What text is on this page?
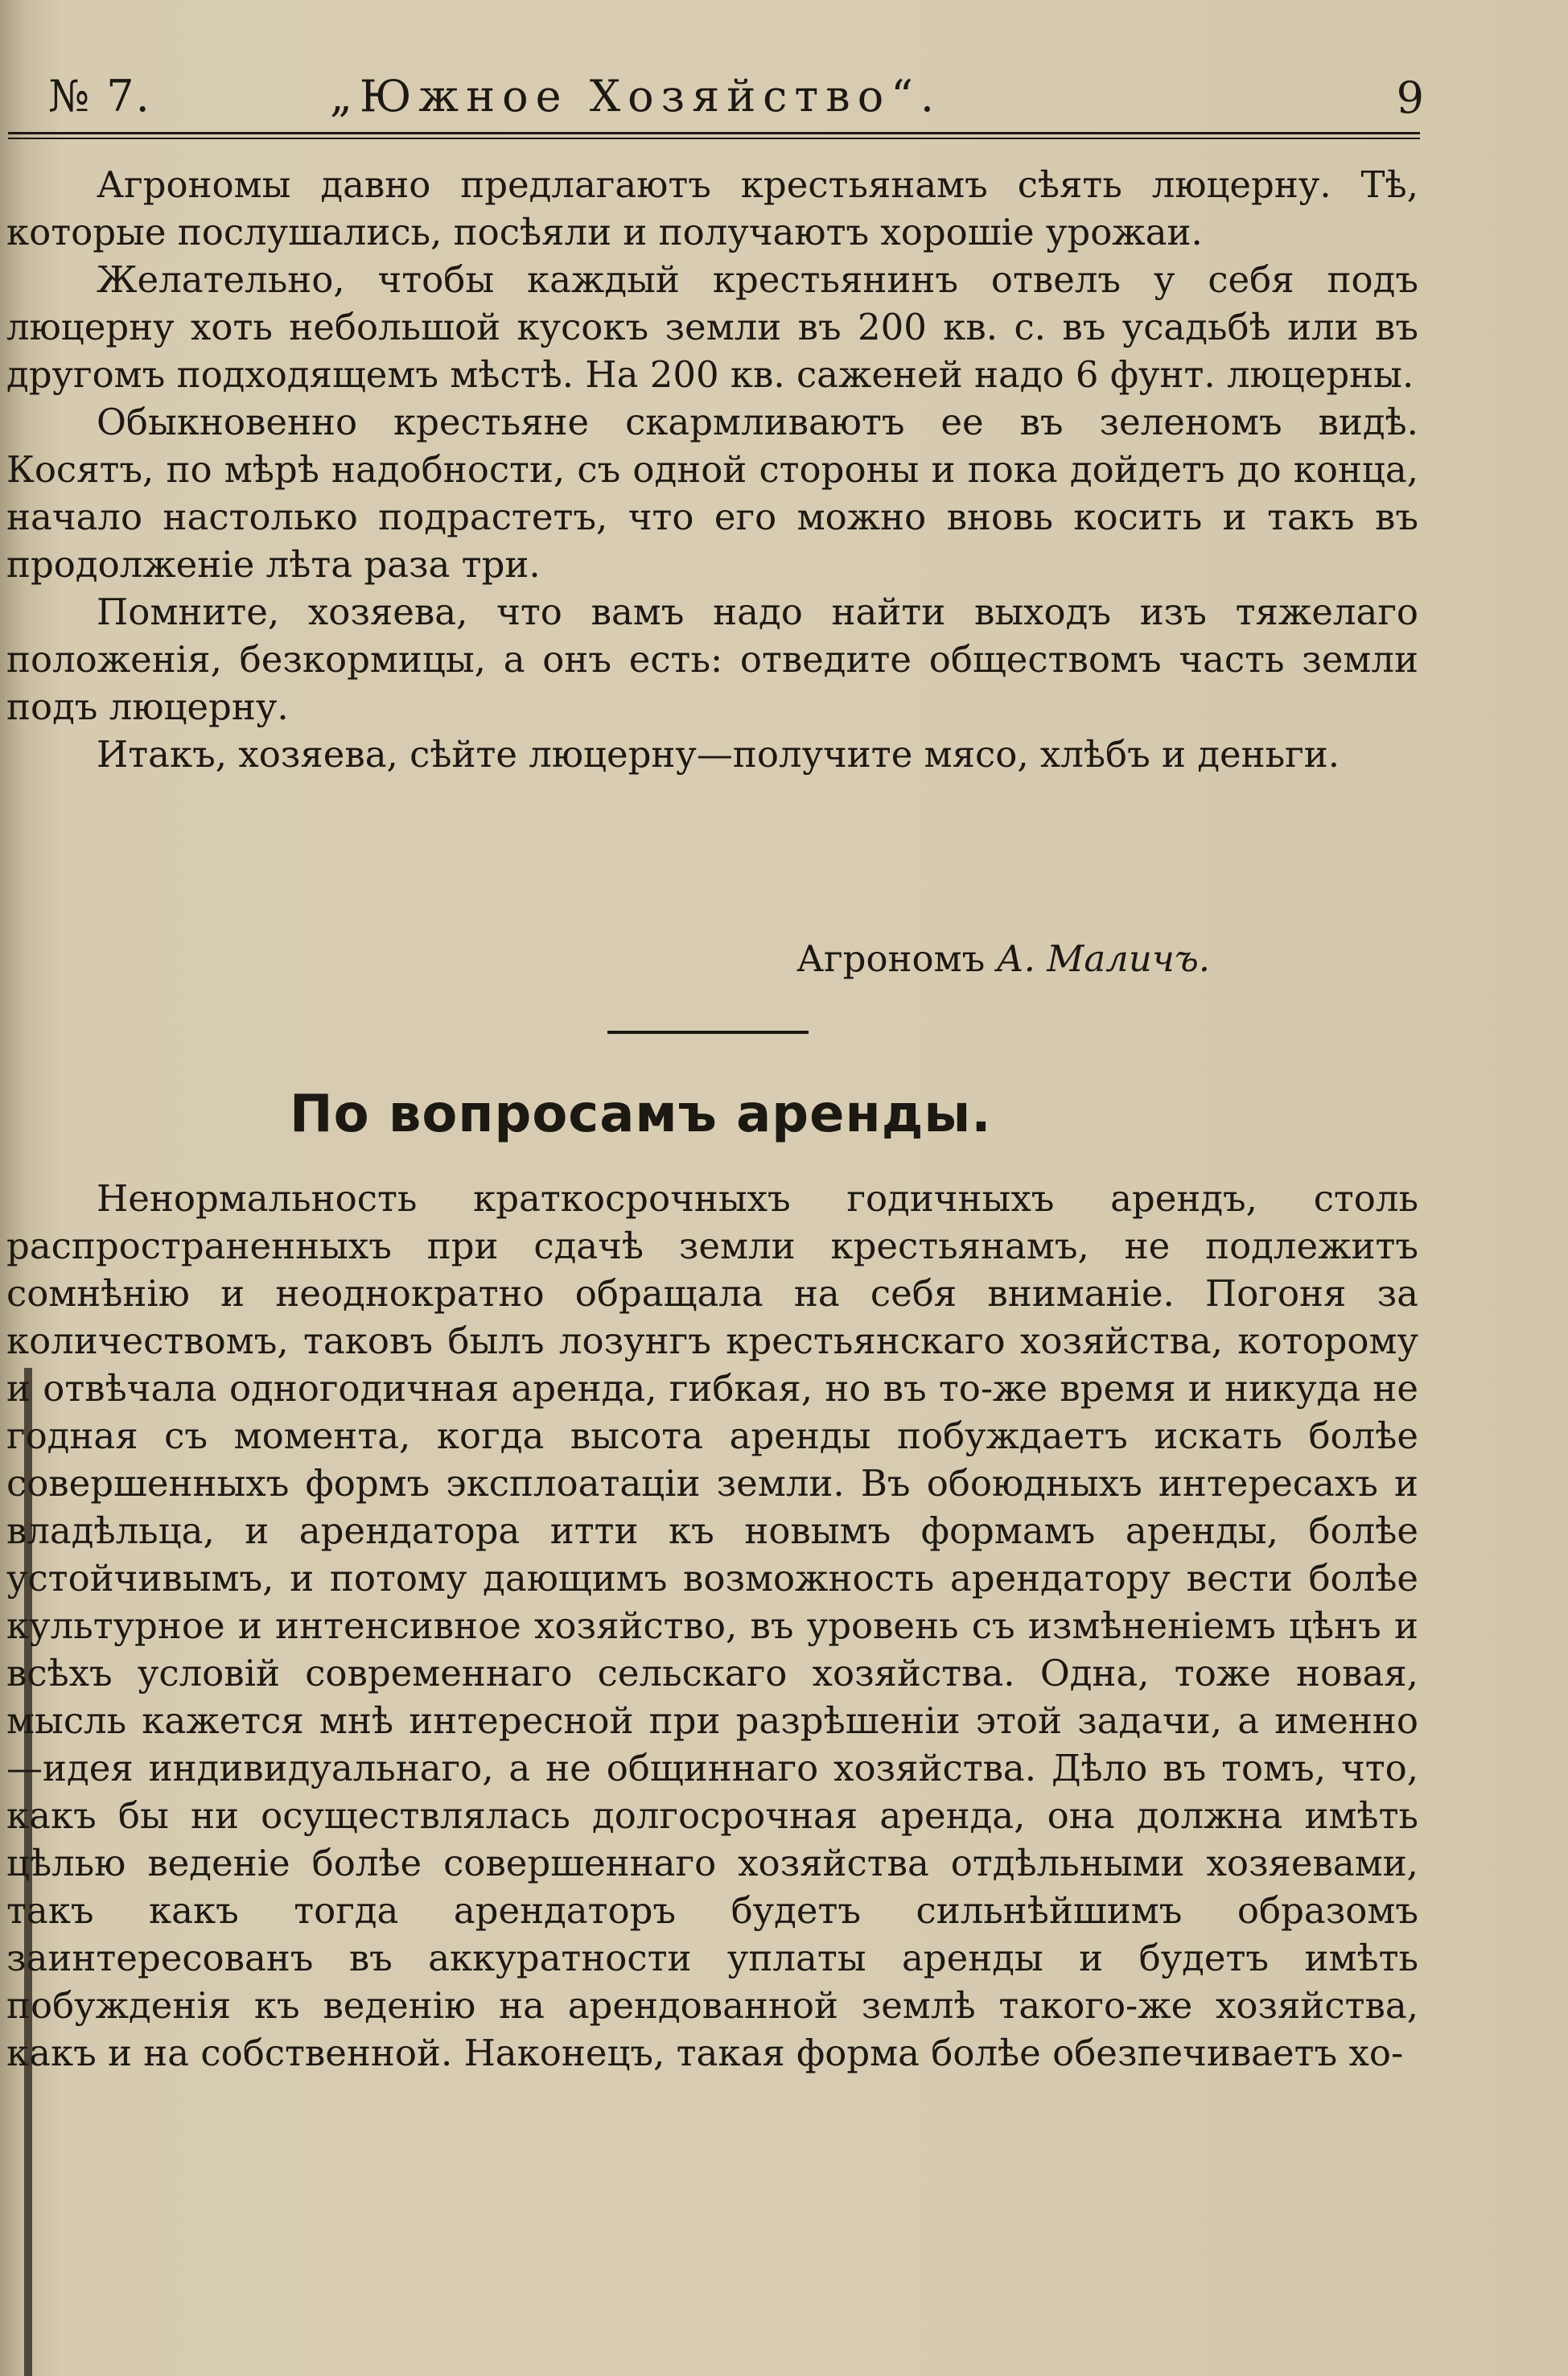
№ 7.	„Южное Хозяйство“.	9

Агрономы давно предлагаютъ крестьянамъ сѣять люцерну. Тѣ, которые послушались, посѣяли и получаютъ хорошіе урожаи.

Желательно, чтобы каждый крестьянинъ отвелъ у себя подъ люцерну хоть небольшой кусокъ земли въ 200 кв. с. въ усадьбѣ или въ другомъ подходящемъ мѣстѣ. На 200 кв. саженей надо 6 фунт. люцерны.

Обыкновенно крестьяне скармливаютъ ее въ зеленомъ видѣ. Косятъ, по мѣрѣ надобности, съ одной стороны и пока дойдетъ до конца, начало настолько подрастетъ, что его можно вновь косить и такъ въ продолженіе лѣта раза три.

Помните, хозяева, что вамъ надо найти выходъ изъ тяжелаго положенія, безкормицы, а онъ есть: отведите обществомъ часть земли подъ люцерну.

Итакъ, хозяева, сѣйте люцерну—получите мясо, хлѣбъ и деньги.

Агрономъ А. Маличъ.
По вопросамъ аренды.

Ненормальность краткосрочныхъ годичныхъ арендъ, столь распространенныхъ при сдачѣ земли крестьянамъ, не подлежитъ сомнѣнію и неоднократно обращала на себя вниманіе. Погоня за количествомъ, таковъ былъ лозунгъ крестьянскаго хозяйства, которому и отвѣчала одногодичная аренда, гибкая, но въ то-же время и никуда не годная съ момента, когда высота аренды побуждаетъ искать болѣе совершенныхъ формъ эксплоатаціи земли. Въ обоюдныхъ интересахъ и владѣльца, и арендатора итти къ новымъ формамъ аренды, болѣе устойчивымъ, и потому дающимъ возможность арендатору вести болѣе культурное и интенсивное хозяйство, въ уровень съ измѣненіемъ цѣнъ и всѣхъ условій современнаго сельскаго хозяйства. Одна, тоже новая, мысль кажется мнѣ интересной при разрѣшеніи этой задачи, а именно—идея индивидуальнаго, а не общиннаго хозяйства. Дѣло въ томъ, что, какъ бы ни осуществлялась долгосрочная аренда, она должна имѣть цѣлью веденіе болѣе совершеннаго хозяйства отдѣльными хозяевами, такъ какъ тогда арендаторъ будетъ сильнѣйшимъ образомъ заинтересованъ въ аккуратности уплаты аренды и будетъ имѣть побужденія къ веденію на арендованной землѣ такого-же хозяйства, какъ и на собственной. Наконецъ, такая форма болѣе обезпечиваетъ хо-
